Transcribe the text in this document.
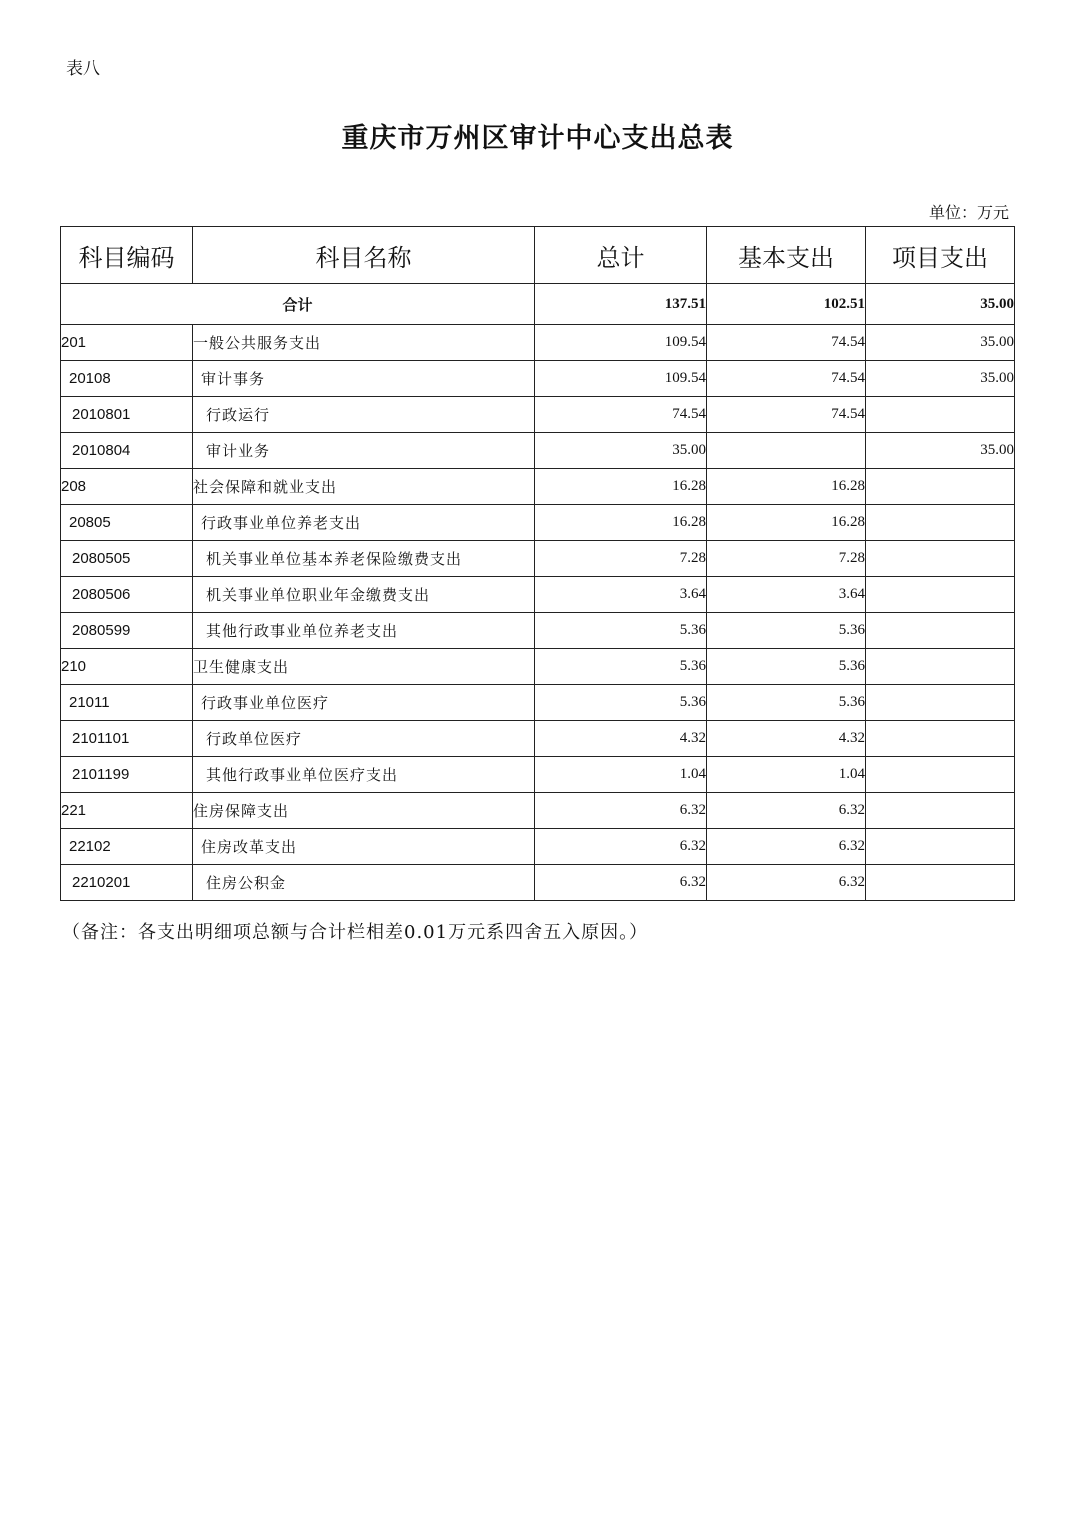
表八
重庆市万州区审计中心支出总表
单位：万元
科目编码	科目名称	总计	基本支出	项目支出
合计		137.51	102.51	35.00
201	一般公共服务支出	109.54	74.54	35.00
20108	审计事务	109.54	74.54	35.00
2010801	行政运行	74.54	74.54	
2010804	审计业务	35.00		35.00
208	社会保障和就业支出	16.28	16.28	
20805	行政事业单位养老支出	16.28	16.28	
2080505	机关事业单位基本养老保险缴费支出	7.28	7.28	
2080506	机关事业单位职业年金缴费支出	3.64	3.64	
2080599	其他行政事业单位养老支出	5.36	5.36	
210	卫生健康支出	5.36	5.36	
21011	行政事业单位医疗	5.36	5.36	
2101101	行政单位医疗	4.32	4.32	
2101199	其他行政事业单位医疗支出	1.04	1.04	
221	住房保障支出	6.32	6.32	
22102	住房改革支出	6.32	6.32	
2210201	住房公积金	6.32	6.32	
（备注：各支出明细项总额与合计栏相差0.01万元系四舍五入原因。）
